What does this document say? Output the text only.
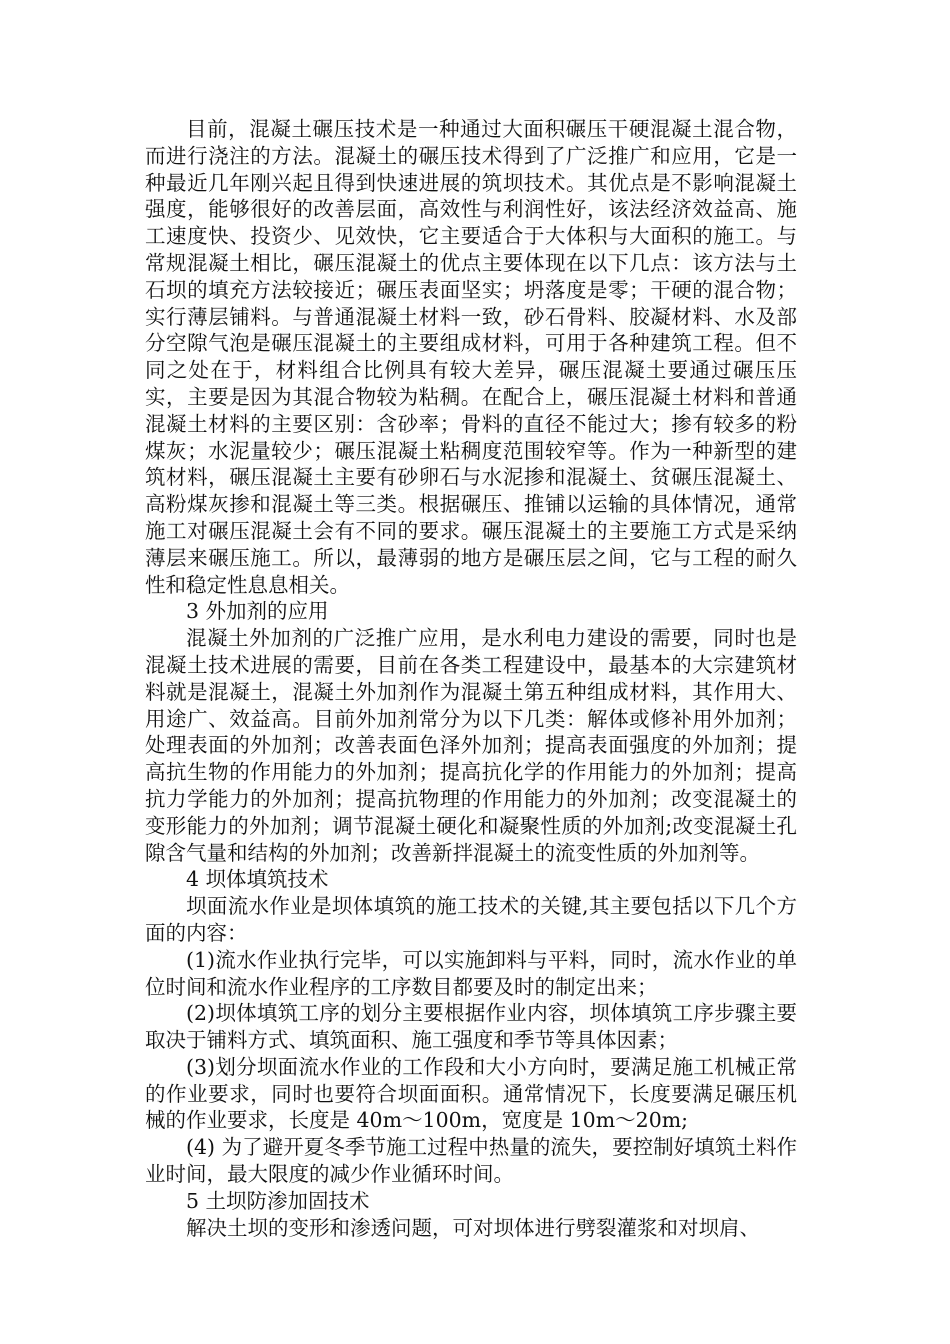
目前，混凝土碾压技术是一种通过大面积碾压干硬混凝土混合物，而进行浇注的方法。混凝土的碾压技术得到了广泛推广和应用，它是一种最近几年刚兴起且得到快速进展的筑坝技术。其优点是不影响混凝土强度，能够很好的改善层面，高效性与利润性好，该法经济效益高、施工速度快、投资少、见效快，它主要适合于大体积与大面积的施工。与常规混凝土相比，碾压混凝土的优点主要体现在以下几点：该方法与土石坝的填充方法较接近；碾压表面坚实；坍落度是零；干硬的混合物；实行薄层铺料。与普通混凝土材料一致，砂石骨料、胶凝材料、水及部分空隙气泡是碾压混凝土的主要组成材料，可用于各种建筑工程。但不同之处在于，材料组合比例具有较大差异，碾压混凝土要通过碾压压实，主要是因为其混合物较为粘稠。在配合上，碾压混凝土材料和普通混凝土材料的主要区别：含砂率；骨料的直径不能过大；掺有较多的粉煤灰；水泥量较少；碾压混凝土粘稠度范围较窄等。作为一种新型的建筑材料，碾压混凝土主要有砂卵石与水泥掺和混凝土、贫碾压混凝土、高粉煤灰掺和混凝土等三类。根据碾压、推铺以运输的具体情况，通常施工对碾压混凝土会有不同的要求。碾压混凝土的主要施工方式是采纳薄层来碾压施工。所以，最薄弱的地方是碾压层之间，它与工程的耐久性和稳定性息息相关。

3 外加剂的应用

混凝土外加剂的广泛推广应用，是水利电力建设的需要，同时也是混凝土技术进展的需要，目前在各类工程建设中，最基本的大宗建筑材料就是混凝土，混凝土外加剂作为混凝土第五种组成材料，其作用大、用途广、效益高。目前外加剂常分为以下几类：解体或修补用外加剂；处理表面的外加剂；改善表面色泽外加剂；提高表面强度的外加剂；提高抗生物的作用能力的外加剂；提高抗化学的作用能力的外加剂；提高抗力学能力的外加剂；提高抗物理的作用能力的外加剂；改变混凝土的变形能力的外加剂；调节混凝土硬化和凝聚性质的外加剂;改变混凝土孔隙含气量和结构的外加剂；改善新拌混凝土的流变性质的外加剂等。

4 坝体填筑技术

坝面流水作业是坝体填筑的施工技术的关键,其主要包括以下几个方面的内容：

(1)流水作业执行完毕，可以实施卸料与平料，同时，流水作业的单位时间和流水作业程序的工序数目都要及时的制定出来；

(2)坝体填筑工序的划分主要根据作业内容，坝体填筑工序步骤主要取决于铺料方式、填筑面积、施工强度和季节等具体因素；

(3)划分坝面流水作业的工作段和大小方向时，要满足施工机械正常的作业要求，同时也要符合坝面面积。通常情况下，长度要满足碾压机械的作业要求，长度是 40m～100m，宽度是 10m～20m;

(4) 为了避开夏冬季节施工过程中热量的流失，要控制好填筑土料作业时间，最大限度的减少作业循环时间。

5 土坝防渗加固技术

解决土坝的变形和渗透问题，可对坝体进行劈裂灌浆和对坝肩、
